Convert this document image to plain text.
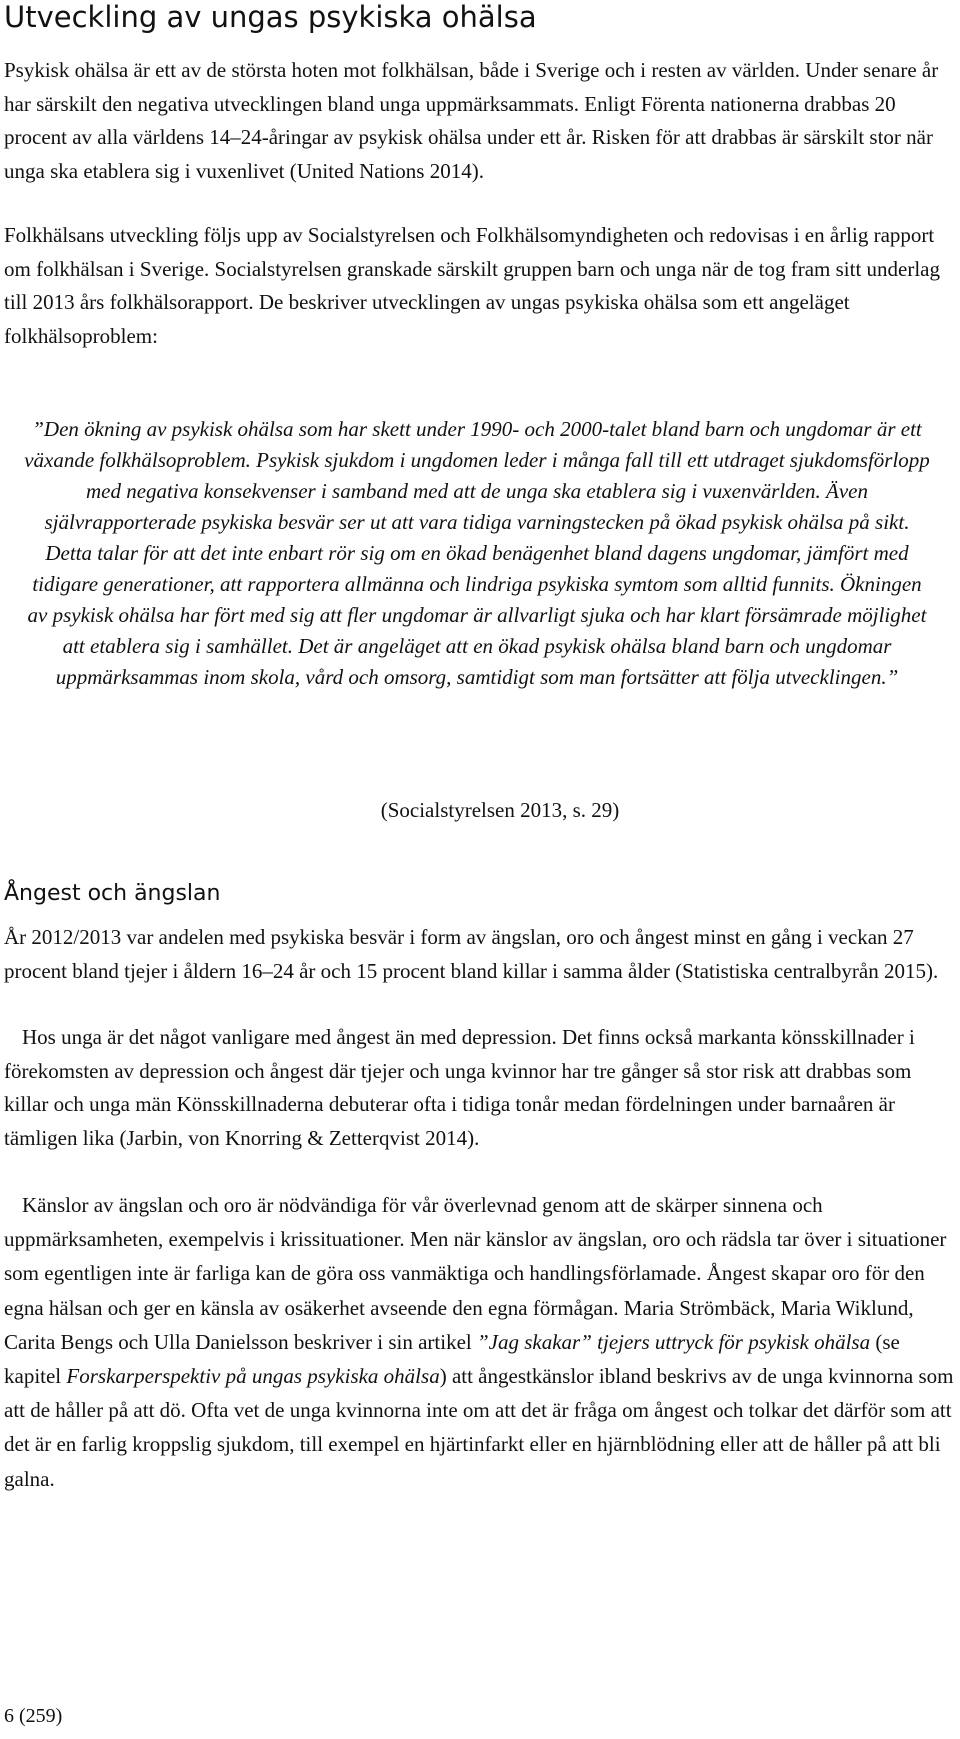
Utveckling av ungas psykiska ohälsa

Psykisk ohälsa är ett av de största hoten mot folkhälsan, både i Sverige och i resten av världen. Under senare år har särskilt den negativa utvecklingen bland unga uppmärksammats. Enligt Förenta nationerna drabbas 20 procent av alla världens 14–24-åringar av psykisk ohälsa under ett år. Risken för att drabbas är särskilt stor när unga ska etablera sig i vuxenlivet (United Nations 2014).

Folkhälsans utveckling följs upp av Socialstyrelsen och Folkhälsomyndigheten och redovisas i en årlig rapport om folkhälsan i Sverige. Socialstyrelsen granskade särskilt gruppen barn och unga när de tog fram sitt underlag till 2013 års folkhälsorapport. De beskriver utvecklingen av ungas psykiska ohälsa som ett angeläget folkhälsoproblem:

”Den ökning av psykisk ohälsa som har skett under 1990- och 2000-talet bland barn och ungdomar är ett växande folkhälsoproblem. Psykisk sjukdom i ungdomen leder i många fall till ett utdraget sjukdomsförlopp med negativa konsekvenser i samband med att de unga ska etablera sig i vuxenvärlden. Även självrapporterade psykiska besvär ser ut att vara tidiga varningstecken på ökad psykisk ohälsa på sikt. Detta talar för att det inte enbart rör sig om en ökad benägenhet bland dagens ungdomar, jämfört med tidigare generationer, att rapportera allmänna och lindriga psykiska symtom som alltid funnits. Ökningen av psykisk ohälsa har fört med sig att fler ungdomar är allvarligt sjuka och har klart försämrade möjlighet att etablera sig i samhället. Det är angeläget att en ökad psykisk ohälsa bland barn och ungdomar uppmärksammas inom skola, vård och omsorg, samtidigt som man fortsätter att följa utvecklingen.”

(Socialstyrelsen 2013, s. 29)

Ångest och ängslan

År 2012/2013 var andelen med psykiska besvär i form av ängslan, oro och ångest minst en gång i veckan 27 procent bland tjejer i åldern 16–24 år och 15 procent bland killar i samma ålder (Statistiska centralbyrån 2015).

Hos unga är det något vanligare med ångest än med depression. Det finns också markanta könsskillnader i förekomsten av depression och ångest där tjejer och unga kvinnor har tre gånger så stor risk att drabbas som killar och unga män Könsskillnaderna debuterar ofta i tidiga tonår medan fördelningen under barnaåren är tämligen lika (Jarbin, von Knorring & Zetterqvist 2014).

Känslor av ängslan och oro är nödvändiga för vår överlevnad genom att de skärper sinnena och uppmärksamheten, exempelvis i krissituationer. Men när känslor av ängslan, oro och rädsla tar över i situationer som egentligen inte är farliga kan de göra oss vanmäktiga och handlingsförlamade. Ångest skapar oro för den egna hälsan och ger en känsla av osäkerhet avseende den egna förmågan. Maria Strömbäck, Maria Wiklund, Carita Bengs och Ulla Danielsson beskriver i sin artikel ”Jag skakar” tjejers uttryck för psykisk ohälsa (se kapitel Forskarperspektiv på ungas psykiska ohälsa) att ångestkänslor ibland beskrivs av de unga kvinnorna som att de håller på att dö. Ofta vet de unga kvinnorna inte om att det är fråga om ångest och tolkar det därför som att det är en farlig kroppslig sjukdom, till exempel en hjärtinfarkt eller en hjärnblödning eller att de håller på att bli galna.

6 (259)
